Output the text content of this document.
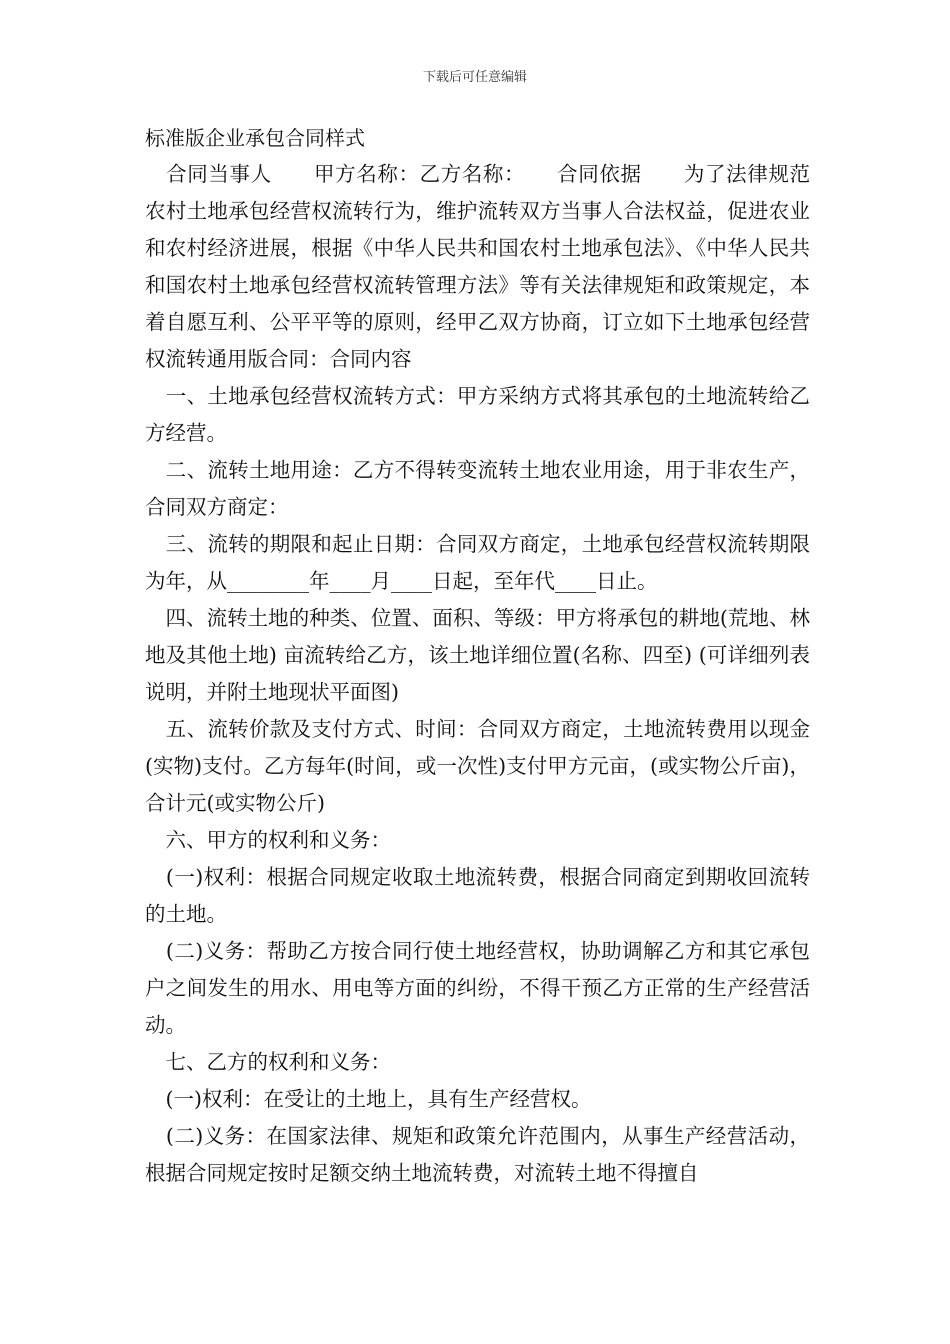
下载后可任意编辑
标准版企业承包合同样式

　合同当事人　　甲方名称：乙方名称：　　合同依据　　为了法律规范农村土地承包经营权流转行为，维护流转双方当事人合法权益，促进农业和农村经济进展，根据《中华人民共和国农村土地承包法》、《中华人民共和国农村土地承包经营权流转管理方法》等有关法律规矩和政策规定，本着自愿互利、公平平等的原则，经甲乙双方协商，订立如下土地承包经营权流转通用版合同：合同内容

　一、土地承包经营权流转方式：甲方采纳方式将其承包的土地流转给乙方经营。

　二、流转土地用途：乙方不得转变流转土地农业用途，用于非农生产，合同双方商定：

　三、流转的期限和起止日期：合同双方商定，土地承包经营权流转期限为年，从________年____月____日起，至年代____日止。

　四、流转土地的种类、位置、面积、等级：甲方将承包的耕地(荒地、林地及其他土地) 亩流转给乙方，该土地详细位置(名称、四至) (可详细列表说明，并附土地现状平面图)

　五、流转价款及支付方式、时间：合同双方商定，土地流转费用以现金(实物)支付。乙方每年(时间，或一次性)支付甲方元亩，(或实物公斤亩)，合计元(或实物公斤)

　六、甲方的权利和义务：

　(一)权利：根据合同规定收取土地流转费，根据合同商定到期收回流转的土地。

　(二)义务：帮助乙方按合同行使土地经营权，协助调解乙方和其它承包户之间发生的用水、用电等方面的纠纷，不得干预乙方正常的生产经营活动。

　七、乙方的权利和义务：

　(一)权利：在受让的土地上，具有生产经营权。

　(二)义务：在国家法律、规矩和政策允许范围内，从事生产经营活动，根据合同规定按时足额交纳土地流转费，对流转土地不得擅自
